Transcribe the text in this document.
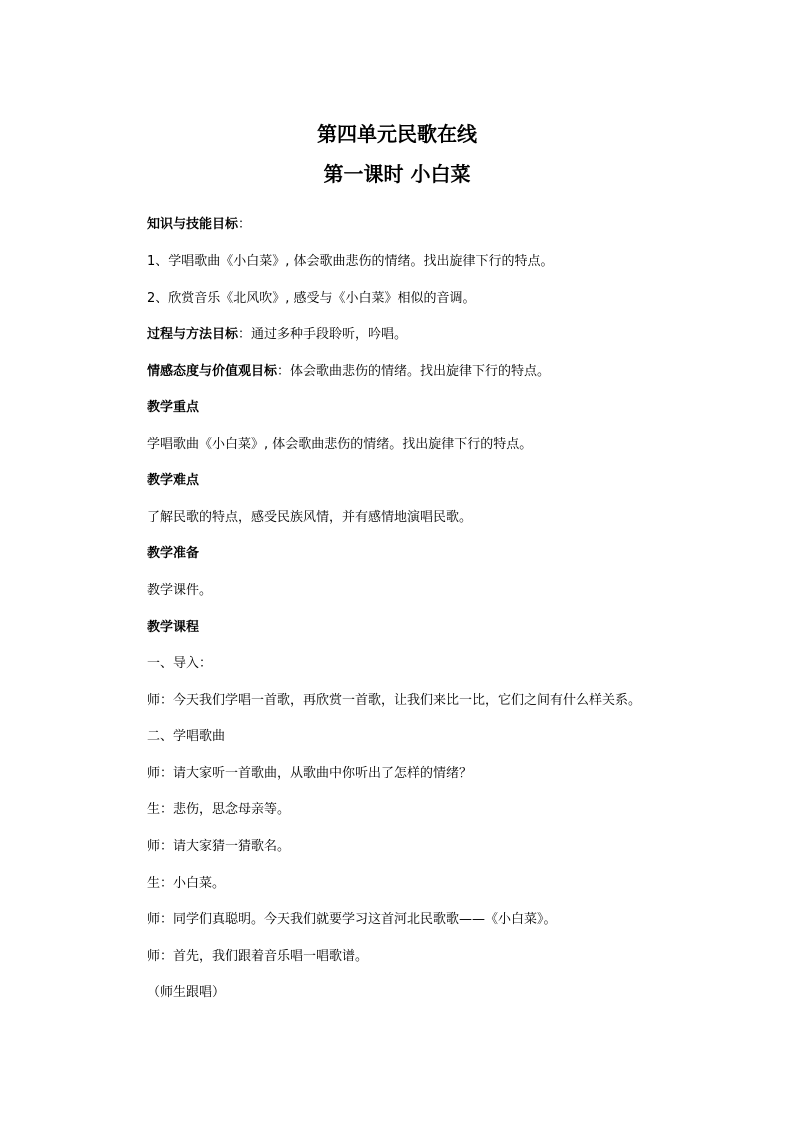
第四单元民歌在线
第一课时 小白菜
知识与技能目标：
1、学唱歌曲《小白菜》, 体会歌曲悲伤的情绪。找出旋律下行的特点。
2、欣赏音乐《北风吹》, 感受与《小白菜》相似的音调。
过程与方法目标：通过多种手段聆听，吟唱。
情感态度与价值观目标：体会歌曲悲伤的情绪。找出旋律下行的特点。
教学重点
学唱歌曲《小白菜》, 体会歌曲悲伤的情绪。找出旋律下行的特点。
教学难点
了解民歌的特点，感受民族风情，并有感情地演唱民歌。
教学准备
教学课件。
教学课程
一、导入：
师：今天我们学唱一首歌，再欣赏一首歌，让我们来比一比，它们之间有什么样关系。
二、学唱歌曲
师：请大家听一首歌曲，从歌曲中你听出了怎样的情绪？
生：悲伤，思念母亲等。
师：请大家猜一猜歌名。
生：小白菜。
师：同学们真聪明。今天我们就要学习这首河北民歌歌——《小白菜》。
师：首先，我们跟着音乐唱一唱歌谱。
（师生跟唱）
